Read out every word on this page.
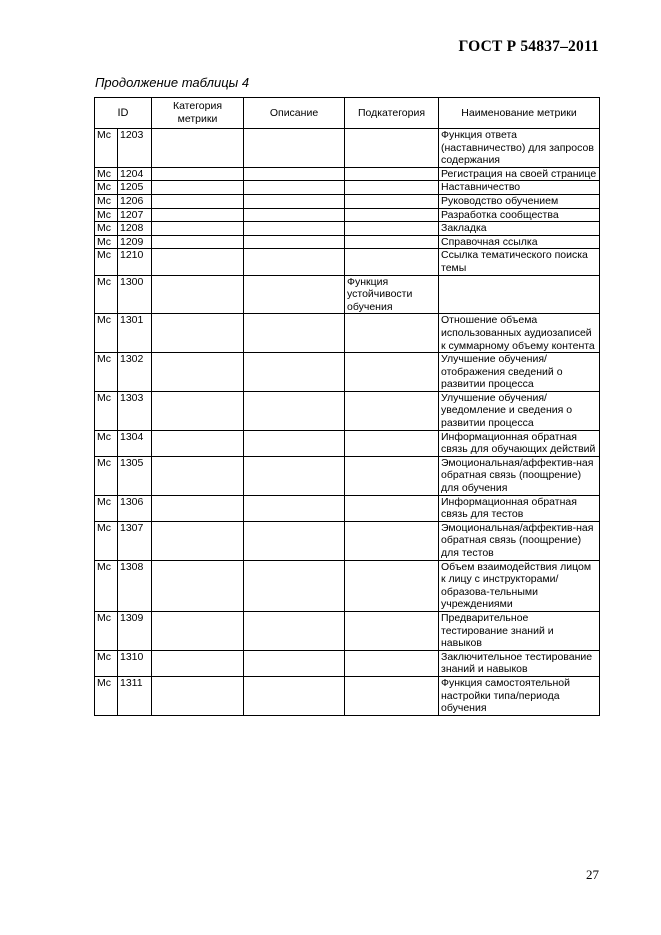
ГОСТ Р 54837–2011
Продолжение таблицы 4
ID		Категория метрики	Описание	Подкатегория	Наименование метрики
Mc	1203				Функция ответа (наставничество) для запросов содержания
Mc	1204				Регистрация на своей странице
Mc	1205				Наставничество
Mc	1206				Руководство обучением
Mc	1207				Разработка сообщества
Mc	1208				Закладка
Mc	1209				Справочная ссылка
Mc	1210				Ссылка тематического поиска темы
Mc	1300			Функция устойчивости обучения	
Mc	1301				Отношение объема использованных аудиозаписей к суммарному объему контента
Mc	1302				Улучшение обучения/отображения сведений о развитии процесса
Mc	1303				Улучшение обучения/уведомление и сведения о развитии процесса
Mc	1304				Информационная обратная связь для обучающих действий
Mc	1305				Эмоциональная/аффектив-ная обратная связь (поощрение) для обучения
Mc	1306				Информационная обратная связь для тестов
Mc	1307				Эмоциональная/аффектив-ная обратная связь (поощрение) для тестов
Mc	1308				Объем взаимодействия лицом к лицу с инструкторами/образова-тельными учреждениями
Mc	1309				Предварительное тестирование знаний и навыков
Mc	1310				Заключительное тестирование знаний и навыков
Mc	1311				Функция самостоятельной настройки типа/периода обучения
27
